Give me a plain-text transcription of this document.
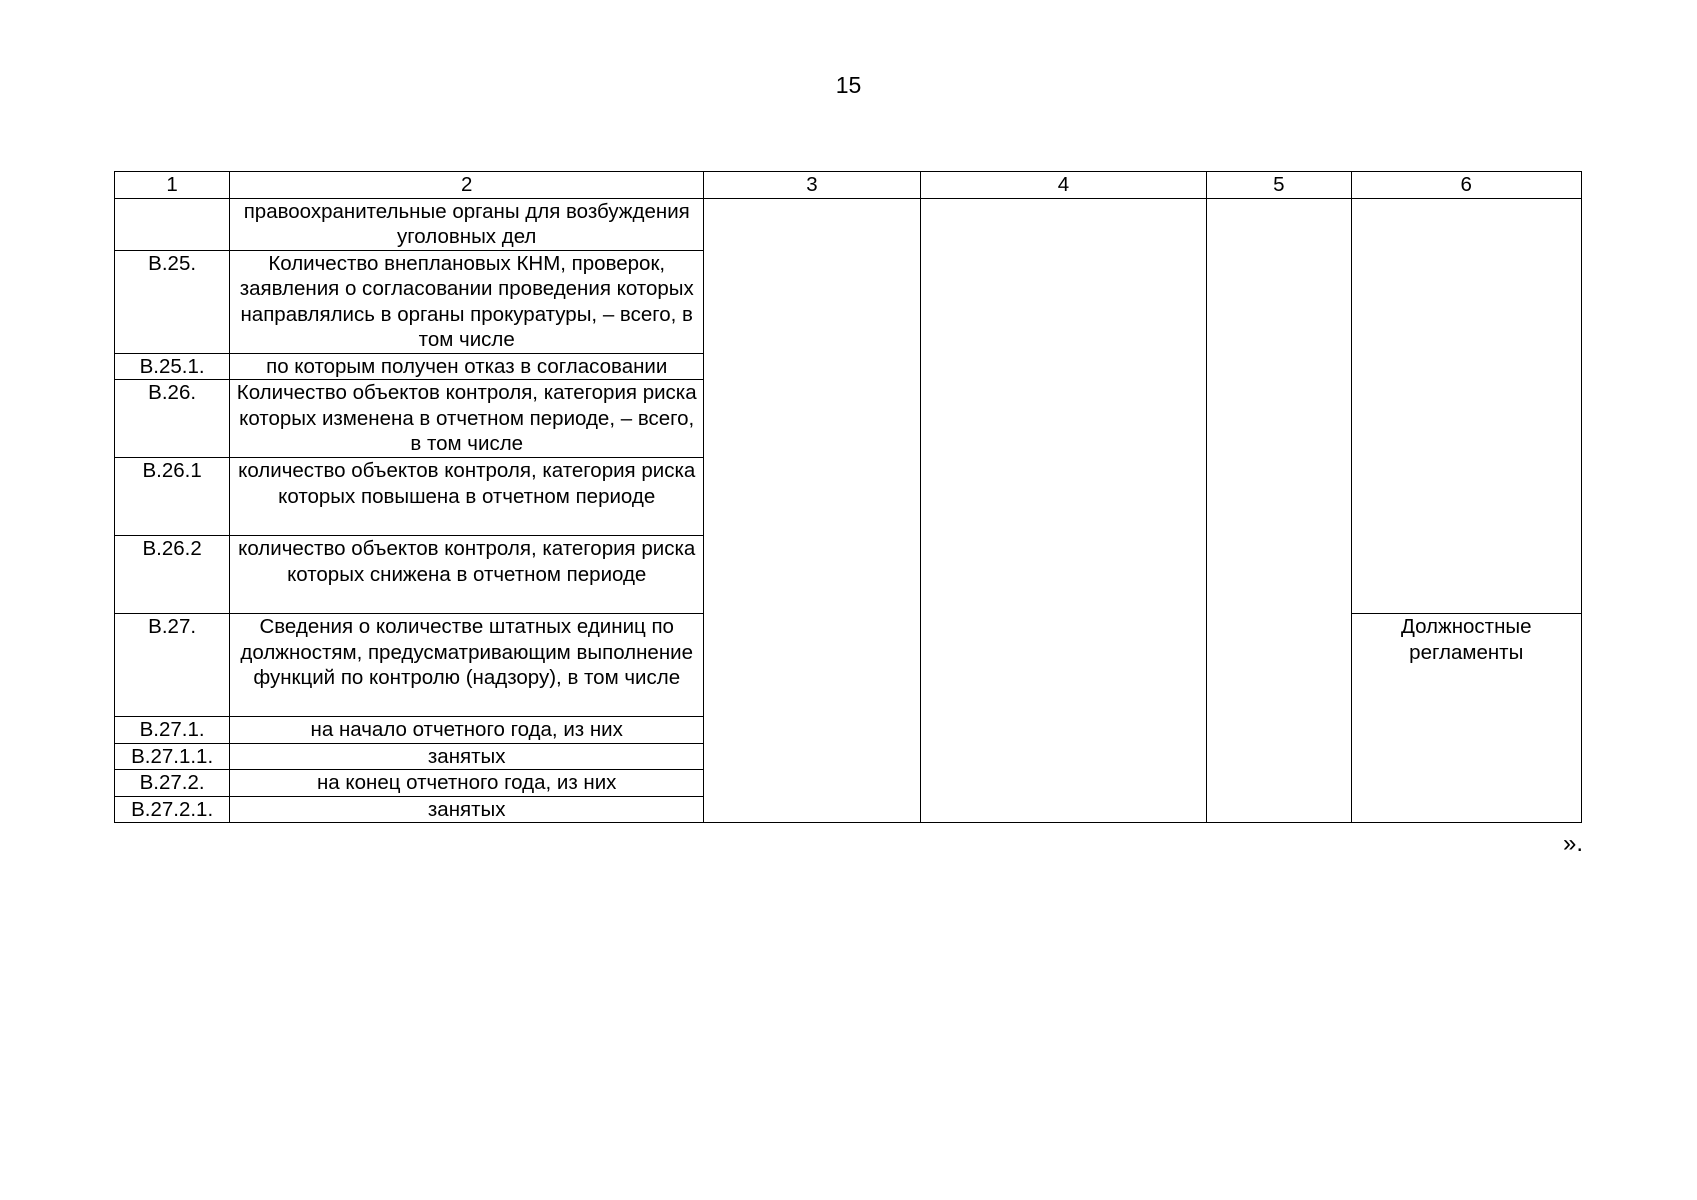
15
1	2	3	4	5	6
	правоохранительные органы для возбуждения уголовных дел				
В.25.	Количество внеплановых КНМ, проверок, заявления о согласовании проведения которых направлялись в органы прокуратуры, – всего, в том числе				
В.25.1.	по которым получен отказ в согласовании				
В.26.	Количество объектов контроля, категория риска которых изменена в отчетном периоде, – всего, в том числе				
В.26.1	количество объектов контроля, категория риска которых повышена в отчетном периоде				
В.26.2	количество объектов контроля, категория риска которых снижена в отчетном периоде				
В.27.	Сведения о количестве штатных единиц по должностям, предусматривающим выполнение функций по контролю (надзору), в том числе				Должностные регламенты
В.27.1.	на начало отчетного года, из них				
В.27.1.1.	занятых				
В.27.2.	на конец отчетного года, из них				
В.27.2.1.	занятых				
».
